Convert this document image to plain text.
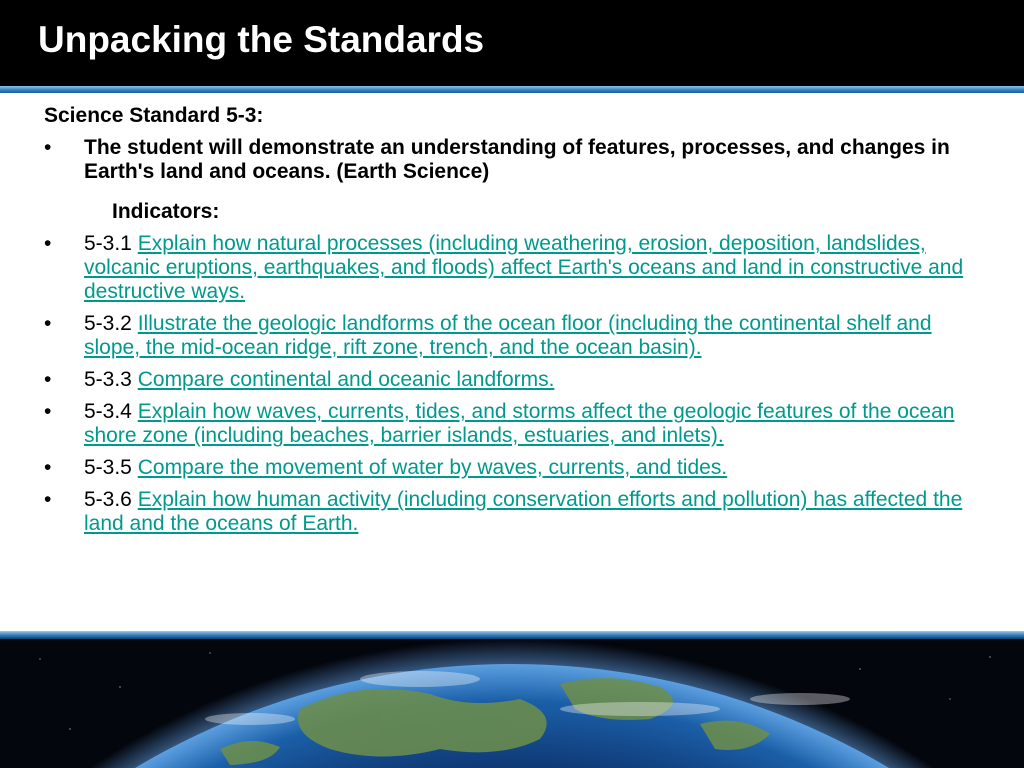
Unpacking the Standards
Science Standard 5-3:
•	The student will demonstrate an understanding of features, processes, and changes in Earth's land and oceans. (Earth Science)
Indicators:
•	5-3.1 Explain how natural processes (including weathering, erosion, deposition, landslides, volcanic eruptions, earthquakes, and floods) affect Earth's oceans and land in constructive and destructive ways.
•	5-3.2 Illustrate the geologic landforms of the ocean floor (including the continental shelf and slope, the mid-ocean ridge, rift zone, trench, and the ocean basin).
•	5-3.3 Compare continental and oceanic landforms.
•	5-3.4 Explain how waves, currents, tides, and storms affect the geologic features of the ocean shore zone (including beaches, barrier islands, estuaries, and inlets).
•	5-3.5 Compare the movement of water by waves, currents, and tides.
•	5-3.6 Explain how human activity (including conservation efforts and pollution) has affected the land and the oceans of Earth.
